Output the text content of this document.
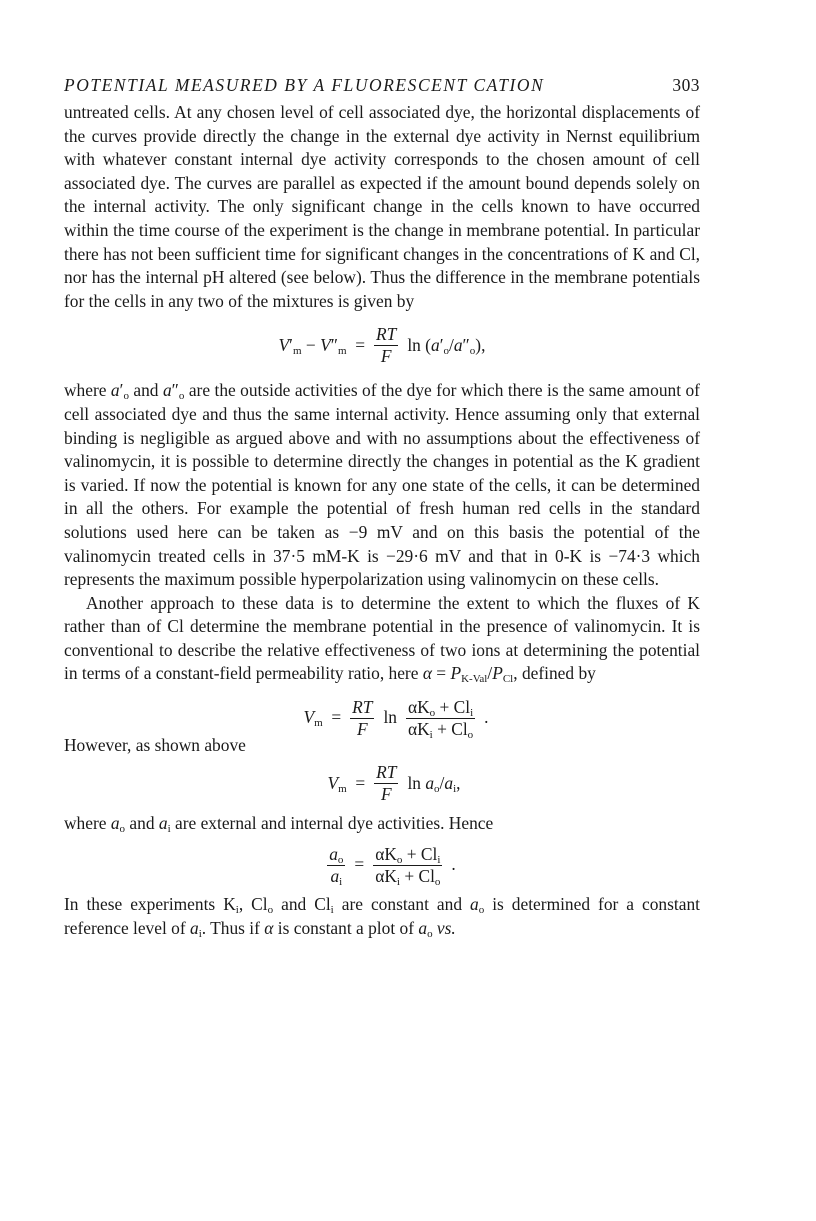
POTENTIAL MEASURED BY A FLUORESCENT CATION	303

untreated cells. At any chosen level of cell associated dye, the horizontal displacements of the curves provide directly the change in the external dye activity in Nernst equilibrium with whatever constant internal dye activity corresponds to the chosen amount of cell associated dye. The curves are parallel as expected if the amount bound depends solely on the internal activity. The only significant change in the cells known to have occurred within the time course of the experiment is the change in membrane potential. In particular there has not been sufficient time for significant changes in the concentrations of K and Cl, nor has the internal pH altered (see below). Thus the difference in the membrane potentials for the cells in any two of the mixtures is given by

$V'_m - V''_m = \frac{RT}{F}$ $\ln (a'_o/a''_o)$,

where $a'_o$ and $a''_o$ are the outside activities of the dye for which there is the same amount of cell associated dye and thus the same internal activity. Hence assuming only that external binding is negligible as argued above and with no assumptions about the effectiveness of valinomycin, it is possible to determine directly the changes in potential as the K gradient is varied. If now the potential is known for any one state of the cells, it can be determined in all the others. For example the potential of fresh human red cells in the standard solutions used here can be taken as −9 mV and on this basis the potential of the valinomycin treated cells in 37·5 mM-K is −29·6 mV and that in 0-K is −74·3 which represents the maximum possible hyperpolarization using valinomycin on these cells.

Another approach to these data is to determine the extent to which the fluxes of K rather than of Cl determine the membrane potential in the presence of valinomycin. It is conventional to describe the relative effectiveness of two ions at determining the potential in terms of a constant-field permeability ratio, here $\alpha = P_{K-Val}/P_{Cl}$, defined by

$V_m = \frac{RT}{F}$ $\ln \frac{\alpha K_o + Cl_i}{\alpha K_i + Cl_o}$ .

However, as shown above

$V_m = \frac{RT}{F}$ $\ln a_o/a_i$,

where $a_o$ and $a_i$ are external and internal dye activities. Hence

$\frac{a_o}{a_i} = \frac{\alpha K_o + Cl_i}{\alpha K_i + Cl_o}$ .

In these experiments $K_i$, $Cl_o$ and $Cl_i$ are constant and $a_o$ is determined for a constant reference level of $a_i$. Thus if α is constant a plot of $a_o$ vs.
